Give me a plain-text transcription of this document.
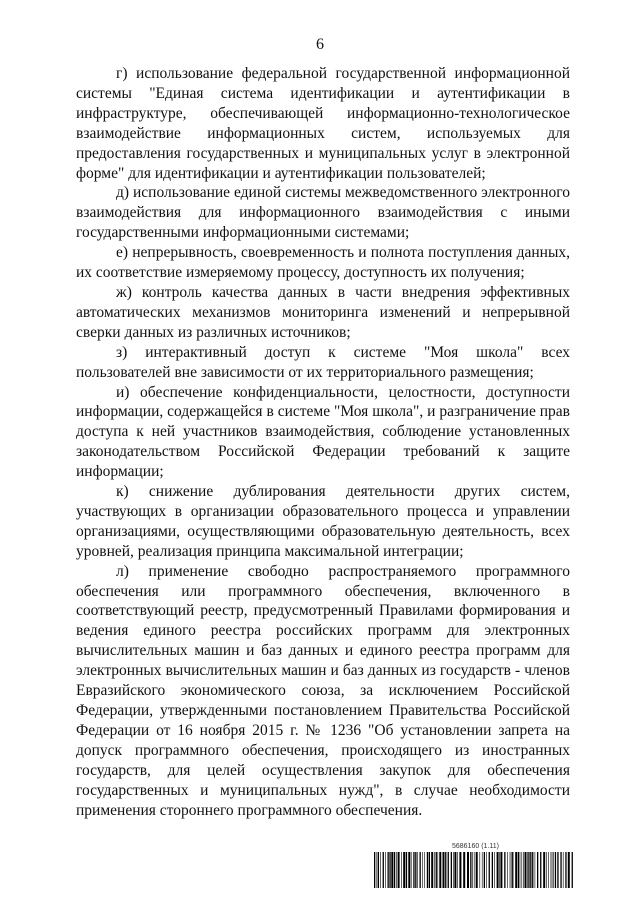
6

г) использование федеральной государственной информационной системы "Единая система идентификации и аутентификации в инфраструктуре, обеспечивающей информационно-технологическое взаимодействие информационных систем, используемых для предоставления государственных и муниципальных услуг в электронной форме" для идентификации и аутентификации пользователей;

д) использование единой системы межведомственного электронного взаимодействия для информационного взаимодействия с иными государственными информационными системами;

е) непрерывность, своевременность и полнота поступления данных, их соответствие измеряемому процессу, доступность их получения;

ж) контроль качества данных в части внедрения эффективных автоматических механизмов мониторинга изменений и непрерывной сверки данных из различных источников;

з) интерактивный доступ к системе "Моя школа" всех пользователей вне зависимости от их территориального размещения;

и) обеспечение конфиденциальности, целостности, доступности информации, содержащейся в системе "Моя школа", и разграничение прав доступа к ней участников взаимодействия, соблюдение установленных законодательством Российской Федерации требований к защите информации;

к) снижение дублирования деятельности других систем, участвующих в организации образовательного процесса и управлении организациями, осуществляющими образовательную деятельность, всех уровней, реализация принципа максимальной интеграции;

л) применение свободно распространяемого программного обеспечения или программного обеспечения, включенного в соответствующий реестр, предусмотренный Правилами формирования и ведения единого реестра российских программ для электронных вычислительных машин и баз данных и единого реестра программ для электронных вычислительных машин и баз данных из государств - членов Евразийского экономического союза, за исключением Российской Федерации, утвержденными постановлением Правительства Российской Федерации от 16 ноября 2015 г. № 1236 "Об установлении запрета на допуск программного обеспечения, происходящего из иностранных государств, для целей осуществления закупок для обеспечения государственных и муниципальных нужд", в случае необходимости применения стороннего программного обеспечения.

5686160 (1.11)
